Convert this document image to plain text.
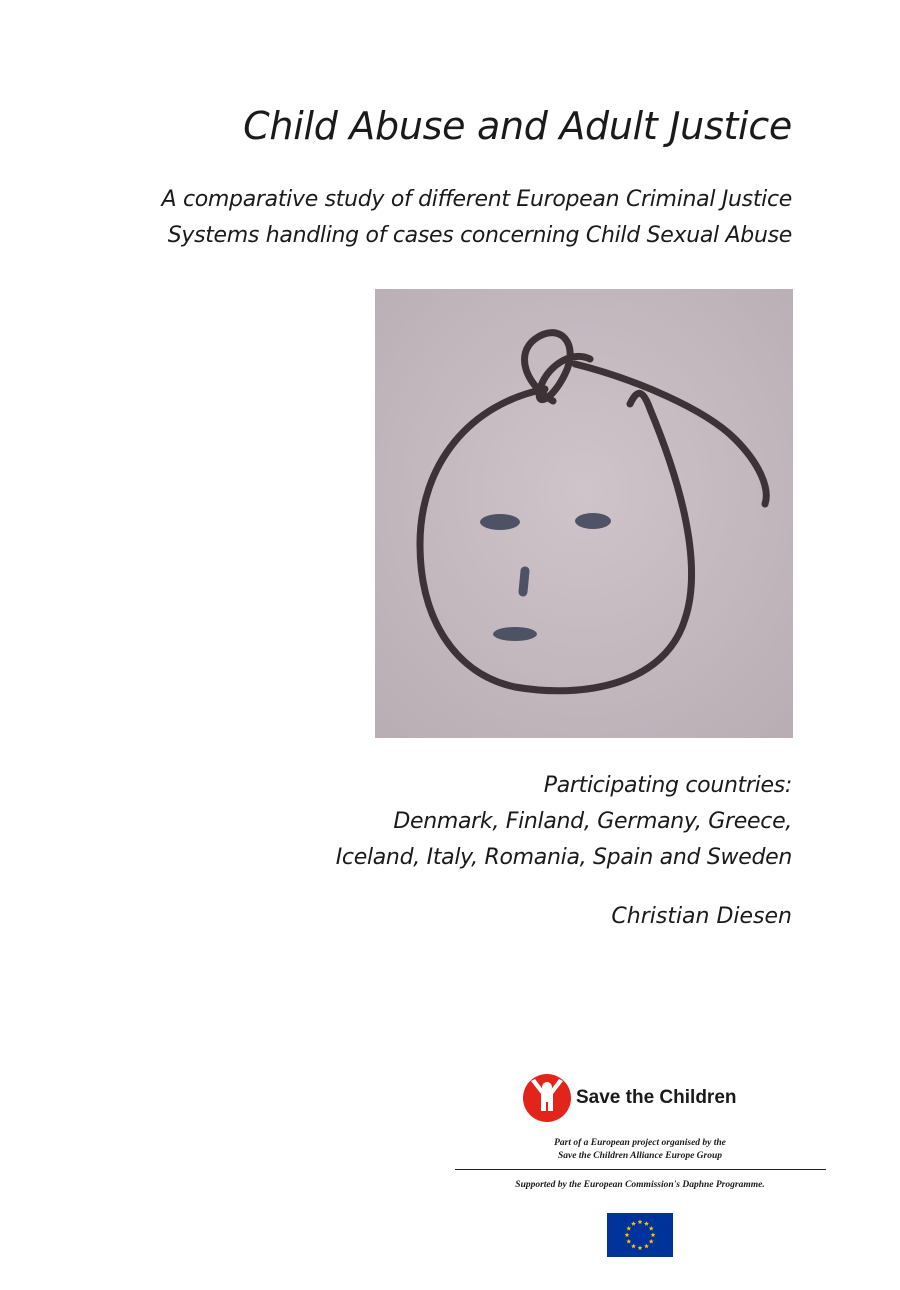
Child Abuse and Adult Justice
A comparative study of different European Criminal Justice
Systems handling of cases concerning Child Sexual Abuse
Participating countries:
Denmark, Finland, Germany, Greece,
Iceland, Italy, Romania, Spain and Sweden
Christian Diesen
Save the Children
Part of a European project organised by the
Save the Children Alliance Europe Group
Supported by the European Commission's Daphne Programme.
